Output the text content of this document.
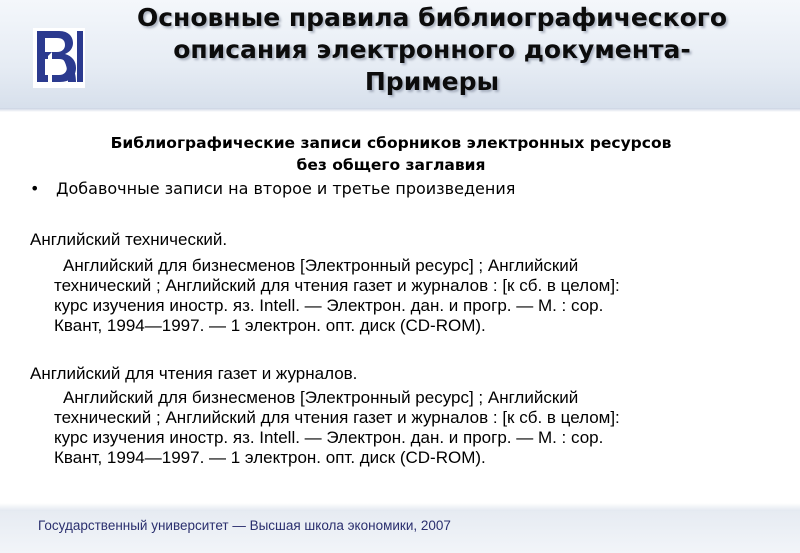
Основные правила библиографического
описания электронного документа-
Примеры
Библиографические записи сборников электронных ресурсов
без общего заглавия
• Добавочные записи на второе и третье произведения
Английский технический.
Английский для бизнесменов [Электронный ресурс] ; Английский
технический ; Английский для чтения газет и журналов : [к сб. в целом]:
курс изучения иностр. яз. Intell. — Электрон. дан. и прогр. — М. : сор.
Квант, 1994—1997. — 1 электрон. опт. диск (CD-ROM).
Английский для чтения газет и журналов.
Английский для бизнесменов [Электронный ресурс] ; Английский
технический ; Английский для чтения газет и журналов : [к сб. в целом]:
курс изучения иностр. яз. Intell. — Электрон. дан. и прогр. — М. : сор.
Квант, 1994—1997. — 1 электрон. опт. диск (CD-ROM).
Государственный университет — Высшая школа экономики, 2007
